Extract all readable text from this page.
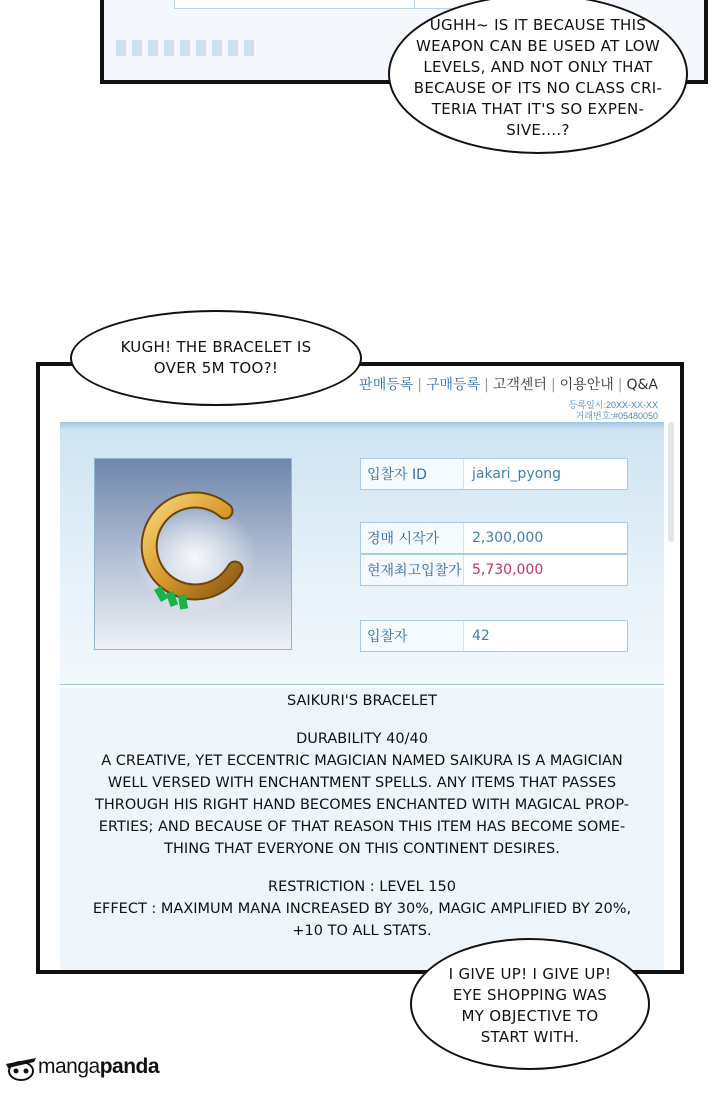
UGHH~ IS IT BECAUSE THIS
WEAPON CAN BE USED AT LOW
LEVELS, AND NOT ONLY THAT
BECAUSE OF ITS NO CLASS CRI-
TERIA THAT IT'S SO EXPEN-
SIVE....?
판매등록 | 구매등록 | 고객센터 | 이용안내 | Q&A
등록일시:20XX-XX-XX
거래번호:#05480050
입찰자 ID	jakari_pyong
경매 시작가	2,300,000
현재최고입찰가 5,730,000
입찰자	42
SAIKURI'S BRACELET
DURABILITY 40/40
A CREATIVE, YET ECCENTRIC MAGICIAN NAMED SAIKURA IS A MAGICIAN
WELL VERSED WITH ENCHANTMENT SPELLS. ANY ITEMS THAT PASSES
THROUGH HIS RIGHT HAND BECOMES ENCHANTED WITH MAGICAL PROP-
ERTIES; AND BECAUSE OF THAT REASON THIS ITEM HAS BECOME SOME-
THING THAT EVERYONE ON THIS CONTINENT DESIRES.
RESTRICTION : LEVEL 150
EFFECT : MAXIMUM MANA INCREASED BY 30%, MAGIC AMPLIFIED BY 20%,
+10 TO ALL STATS.
KUGH! THE BRACELET IS
OVER 5M TOO?!
I GIVE UP! I GIVE UP!
EYE SHOPPING WAS
MY OBJECTIVE TO
START WITH.
manga panda
